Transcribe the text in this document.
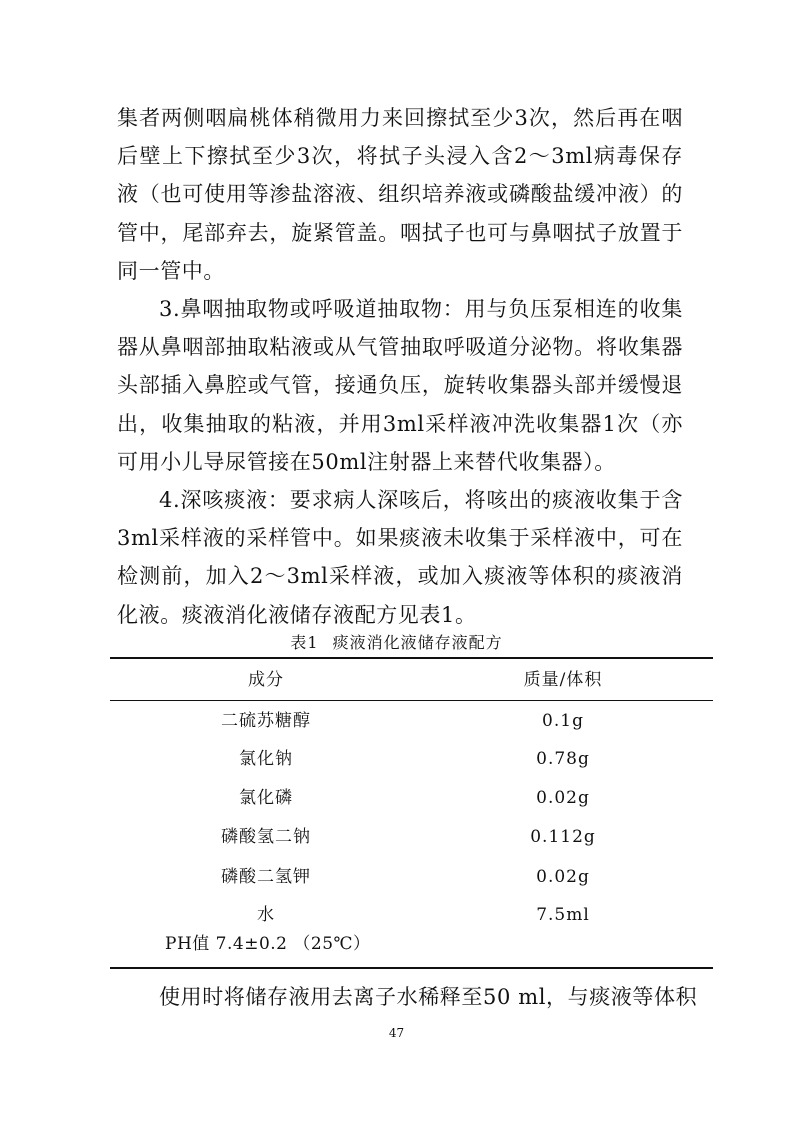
集者两侧咽扁桃体稍微用力来回擦拭至少3次，然后再在咽后壁上下擦拭至少3次，将拭子头浸入含2～3ml病毒保存液（也可使用等渗盐溶液、组织培养液或磷酸盐缓冲液）的管中，尾部弃去，旋紧管盖。咽拭子也可与鼻咽拭子放置于同一管中。

3.鼻咽抽取物或呼吸道抽取物：用与负压泵相连的收集器从鼻咽部抽取粘液或从气管抽取呼吸道分泌物。将收集器头部插入鼻腔或气管，接通负压，旋转收集器头部并缓慢退出，收集抽取的粘液，并用3ml采样液冲洗收集器1次（亦可用小儿导尿管接在50ml注射器上来替代收集器）。

4.深咳痰液：要求病人深咳后，将咳出的痰液收集于含3ml采样液的采样管中。如果痰液未收集于采样液中，可在检测前，加入2～3ml采样液，或加入痰液等体积的痰液消化液。痰液消化液储存液配方见表1。

表1 痰液消化液储存液配方
成分	质量/体积
二硫苏糖醇	0.1g
氯化钠	0.78g
氯化磷	0.02g
磷酸氢二钠	0.112g
磷酸二氢钾	0.02g
水	7.5ml
PH值 7.4±0.2 （25℃）
使用时将储存液用去离子水稀释至50 ml，与痰液等体积
47
